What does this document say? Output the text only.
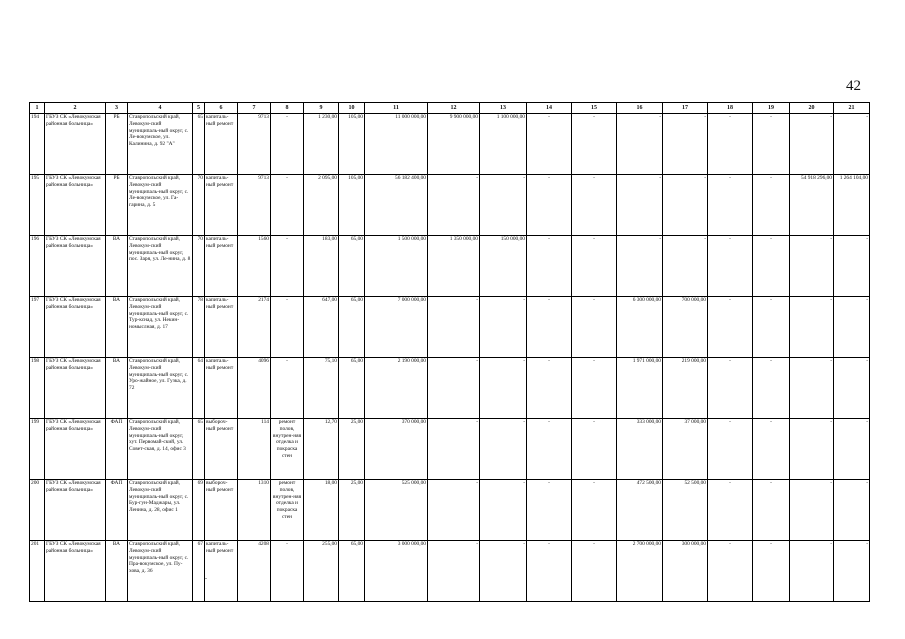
42
1	2	3	4	5	6	7	8	9	10	11	12	13	14	15	16	17	18	19	20	21
194	ГБУЗ СК «Левокумская районная больница»	РБ	Ставропольский край, Левокум-ский муниципаль-ный округ, с. Ле-вокумское, ул. Калинина, д. 92 "А"	65	капиталь-ный ремонт	9713	-	1 230,00	105,00	11 000 000,00	9 900 000,00	1 100 000,00	-	-	-	-	-	-	-	-
195	ГБУЗ СК «Левокумская районная больница»	РБ	Ставропольский край, Левокум-ский муниципаль-ный округ, с. Ле-вокумское, ул. Га-гарина, д. 5	70	капиталь-ный ремонт	9713	-	2 095,00	105,00	56 182 400,00	-	-	-	-	-	-	-	-	54 918 296,00	1 264 104,00
196	ГБУЗ СК «Левокумская районная больница»	ВА	Ставропольский край, Левокум-ский муниципаль-ный округ, пос. Заря, ул. Ле-нина, д. 8	70	капиталь-ный ремонт	1560	-	183,00	65,00	1 500 000,00	1 350 000,00	150 000,00	-	-	-	-	-	-	-	-
197	ГБУЗ СК «Левокумская районная больница»	ВА	Ставропольский край, Левокум-ский муниципаль-ный округ, с. Тур-кснад, ул. Некин-номыслная, д. 17	78	капиталь-ный ремонт	2174	-	647,00	65,00	7 000 000,00	-	-	-	-	6 300 000,00	700 000,00	-	-	-	-
198	ГБУЗ СК «Левокумская районная больница»	ВА	Ставропольский край, Левокум-ский муниципаль-ный округ, с. Уро-жайное, ул. Гузка, д. 72	64	капиталь-ный ремонт	4096	-	75,10	65,00	2 190 000,00	-	-	-	-	1 971 000,00	219 000,00	-	-	-	-
199	ГБУЗ СК «Левокумская районная больница»	ФАП	Ставропольский край, Левокум-ский муниципаль-ный округ, хут. Первомай-ский, ул. Совет-ская, д. 14, офис 3	65	выбороч-ный ремонт	114	ремонт полов, внутрен-няя отделка и покраска стен	12,70	25,00	370 000,00	-	-	-	-	333 000,00	37 000,00	-	-	-	-
200	ГБУЗ СК «Левокумская районная больница»	ФАП	Ставропольский край, Левокум-ский муниципаль-ный округ, с. Бур-гун-Маджары, ул. Ленина, д. 28, офис 1	69	выбороч-ный ремонт	1310	ремонт полов, внутрен-няя отделка и покраска стен	18,00	25,00	525 000,00	-	-	-	-	472 500,00	52 500,00	-	-	-	-
201	ГБУЗ СК «Левокумская районная больница»	ВА	Ставропольский край, Левокум-ский муниципаль-ный округ, с. Пра-вокумское, ул. Пу-хова, д. 36	67	капиталь-ный ремонт	4208	-	255,00	65,00	3 000 000,00	-	-	-	-	2 700 000,00	300 000,00	-	-	-	-
-
